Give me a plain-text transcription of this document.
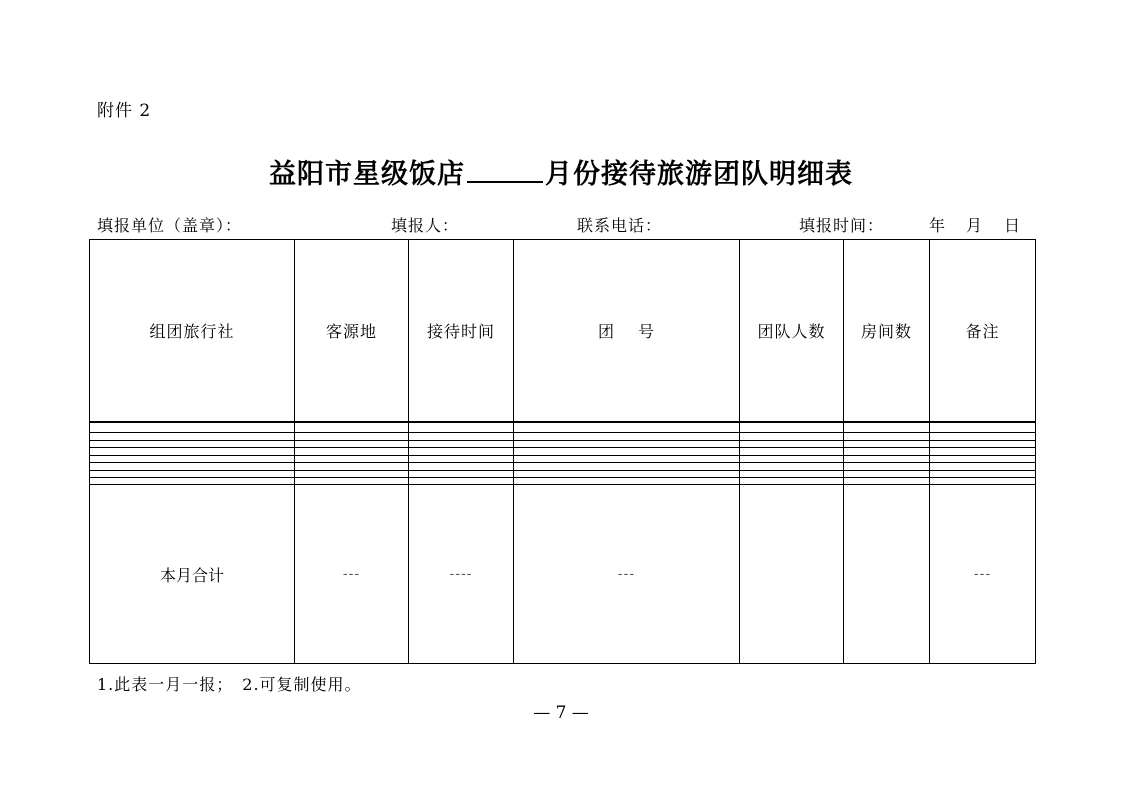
附件 2
益阳市星级饭店	月份接待旅游团队明细表
填报单位（盖章）：	填报人：	联系电话：	填报时间：	年 月 日
组团旅行社	客源地	接待时间	团　 号	团队人数	房间数	备注

本月合计	---	----	---			---
1.此表一月一报；　2.可复制使用。
— 7 —
